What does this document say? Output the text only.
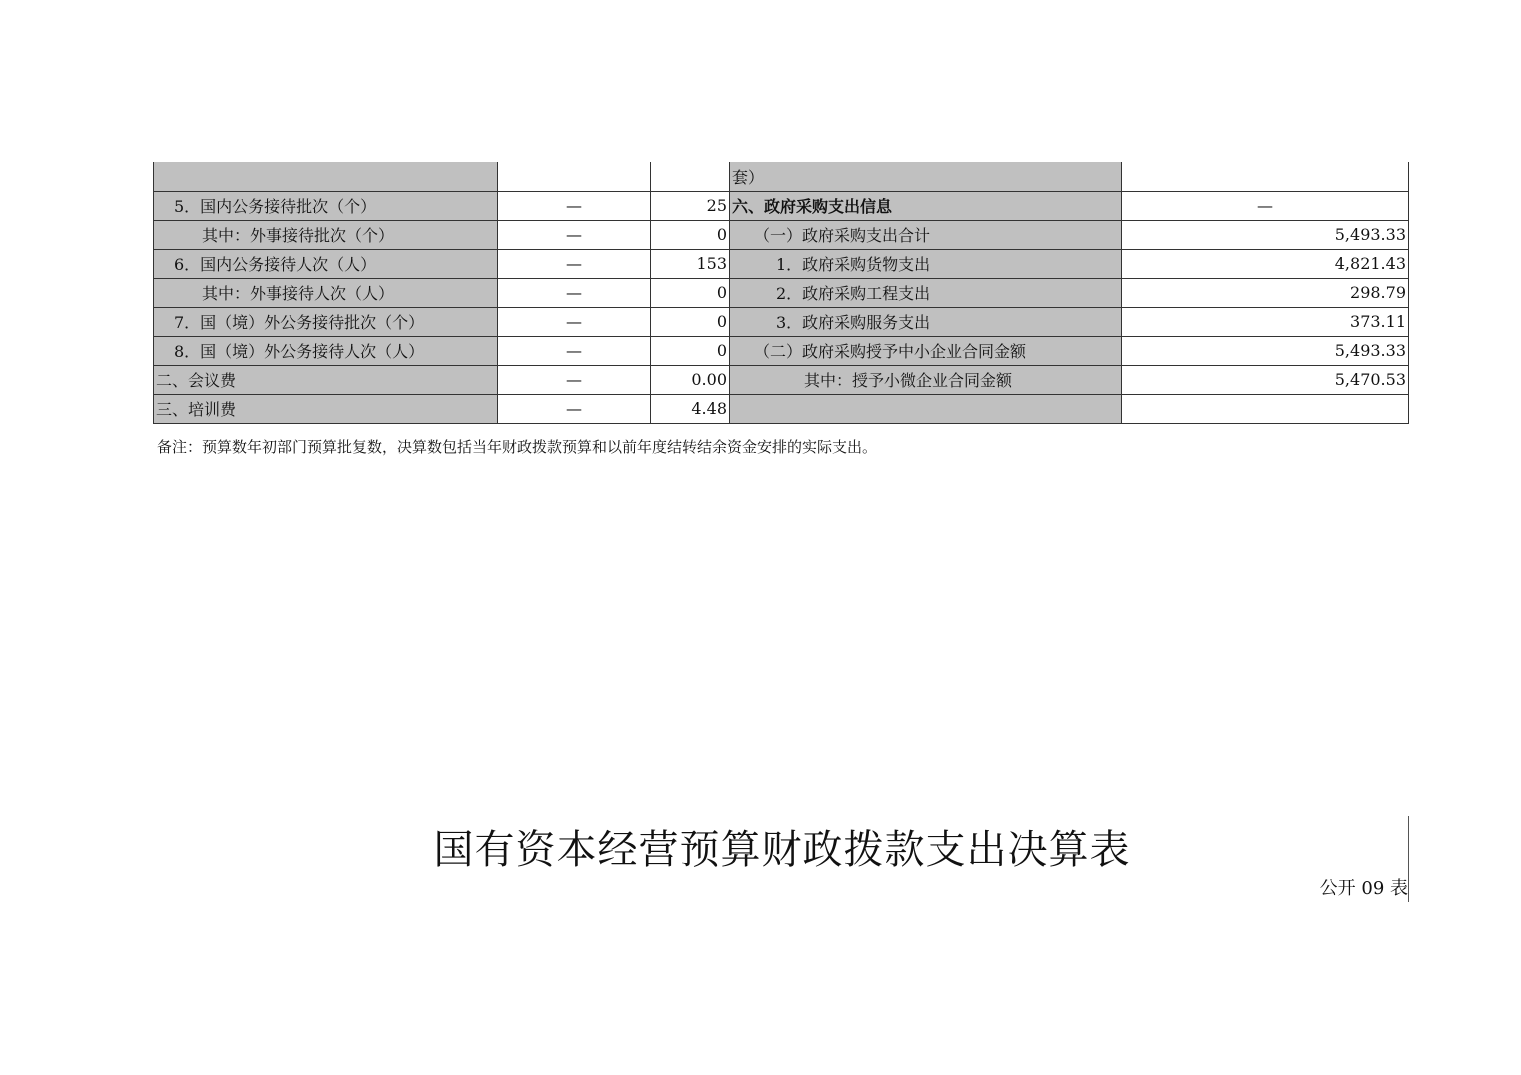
			套）	
5．国内公务接待批次（个）	—	25	六、政府采购支出信息	—
其中：外事接待批次（个）	—	0	（一）政府采购支出合计	5,493.33
6．国内公务接待人次（人）	—	153	1．政府采购货物支出	4,821.43
其中：外事接待人次（人）	—	0	2．政府采购工程支出	298.79
7．国（境）外公务接待批次（个）	—	0	3．政府采购服务支出	373.11
8．国（境）外公务接待人次（人）	—	0	（二）政府采购授予中小企业合同金额	5,493.33
二、会议费	—	0.00	其中：授予小微企业合同金额	5,470.53
三、培训费	—	4.48		
备注：预算数年初部门预算批复数，决算数包括当年财政拨款预算和以前年度结转结余资金安排的实际支出。
国有资本经营预算财政拨款支出决算表
公开 09 表
